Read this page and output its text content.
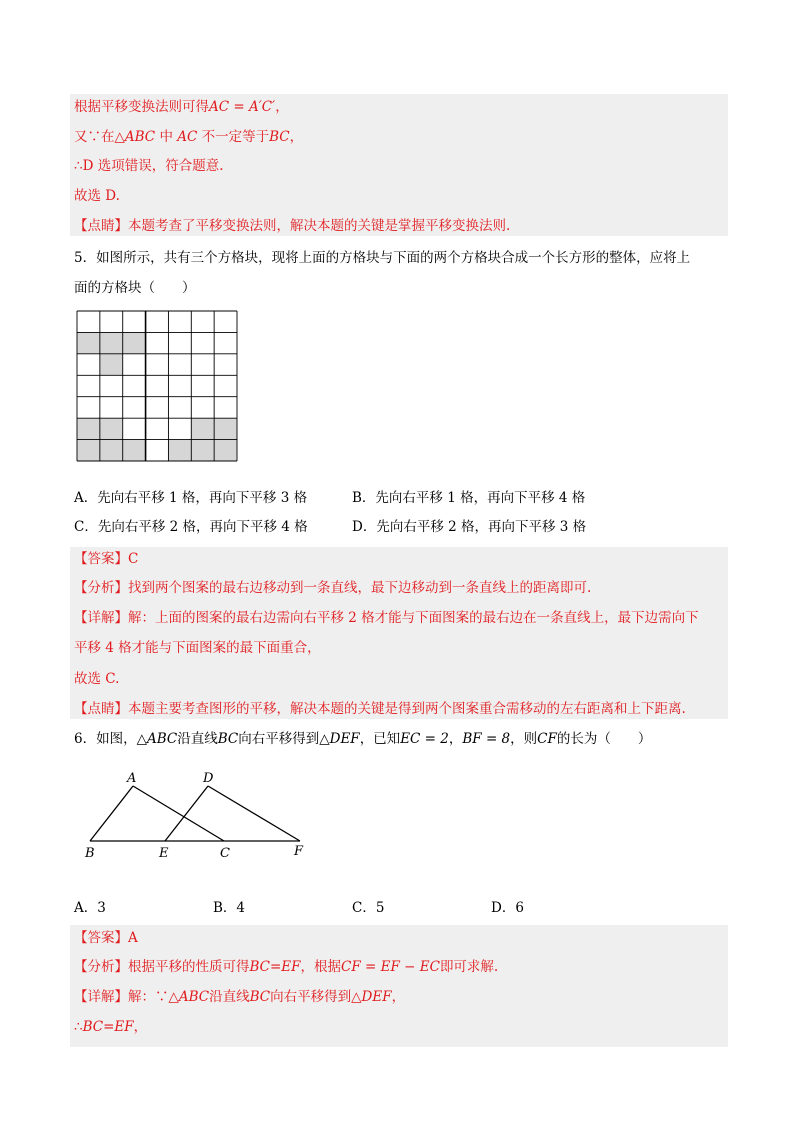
根据平移变换法则可得AC = A′C′，
又∵在△ABC 中 AC 不一定等于BC，
∴D 选项错误，符合题意.
故选 D.
【点睛】本题考查了平移变换法则，解决本题的关键是掌握平移变换法则.
5．如图所示，共有三个方格块，现将上面的方格块与下面的两个方格块合成一个长方形的整体，应将上
面的方格块（　　）
A．先向右平移 1 格，再向下平移 3 格	B．先向右平移 1 格，再向下平移 4 格
C．先向右平移 2 格，再向下平移 4 格	D．先向右平移 2 格，再向下平移 3 格
【答案】C
【分析】找到两个图案的最右边移动到一条直线，最下边移动到一条直线上的距离即可.
【详解】解：上面的图案的最右边需向右平移 2 格才能与下面图案的最右边在一条直线上，最下边需向下
平移 4 格才能与下面图案的最下面重合，
故选 C.
【点睛】本题主要考查图形的平移，解决本题的关键是得到两个图案重合需移动的左右距离和上下距离.
6．如图，△ABC沿直线BC向右平移得到△DEF，已知EC = 2，BF = 8，则CF的长为（　　）
A	D
B	E	C	F
A．3	B．4	C．5	D．6
【答案】A
【分析】根据平移的性质可得BC=EF，根据CF = EF − EC即可求解.
【详解】解：∵△ABC沿直线BC向右平移得到△DEF，
∴BC=EF，
